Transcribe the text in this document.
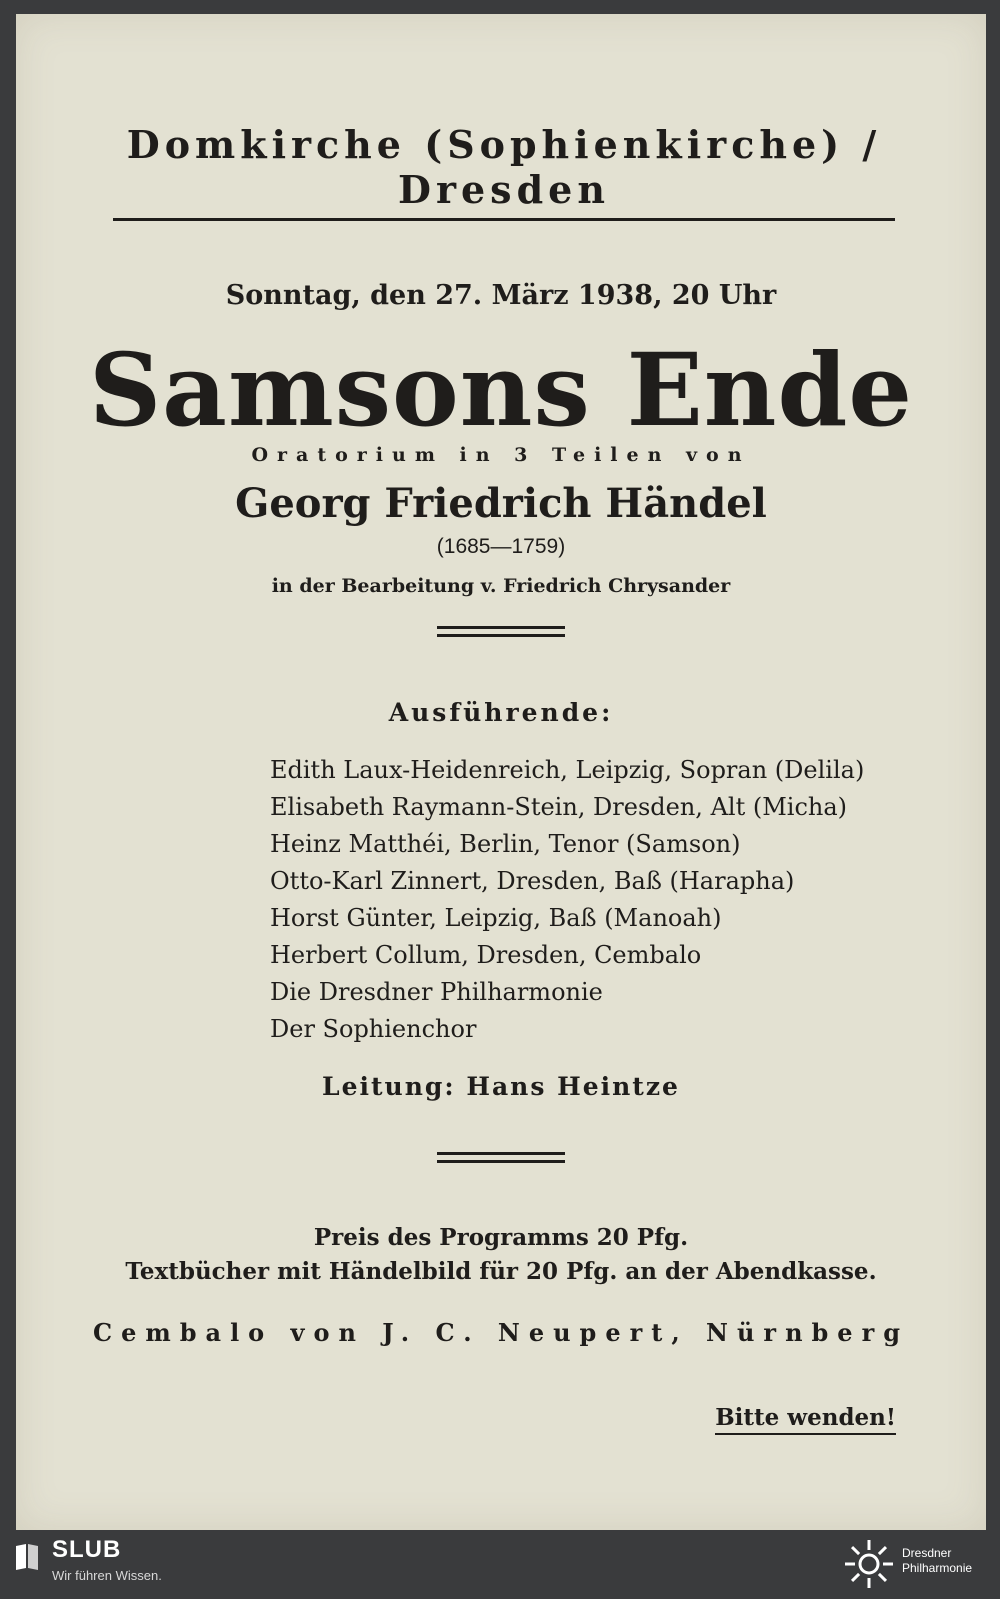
Domkirche (Sophienkirche) / Dresden
Sonntag, den 27. März 1938, 20 Uhr
Samsons Ende
Oratorium in 3 Teilen von
Georg Friedrich Händel
(1685—1759)
in der Bearbeitung v. Friedrich Chrysander
Ausführende:
Edith Laux-Heidenreich, Leipzig, Sopran (Delila)
Elisabeth Raymann-Stein, Dresden, Alt (Micha)
Heinz Matthéi, Berlin, Tenor (Samson)
Otto-Karl Zinnert, Dresden, Baß (Harapha)
Horst Günter, Leipzig, Baß (Manoah)
Herbert Collum, Dresden, Cembalo
Die Dresdner Philharmonie
Der Sophienchor
Leitung: Hans Heintze
Preis des Programms 20 Pfg.
Textbücher mit Händelbild für 20 Pfg. an der Abendkasse.
Cembalo von J. C. Neupert, Nürnberg
Bitte wenden!
SLUB
Wir führen Wissen.
Dresdner
Philharmonie
